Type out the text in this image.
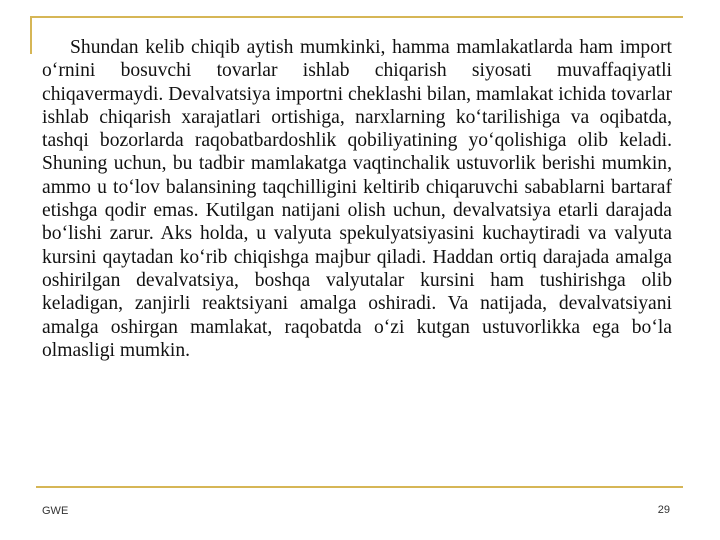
Shundan kelib chiqib aytish mumkinki, hamma mamlakatlarda ham import o‘rnini bosuvchi tovarlar ishlab chiqarish siyosati muvaffaqiyatli chiqavermaydi. Devalvatsiya importni cheklashi bilan, mamlakat ichida tovarlar ishlab chiqarish xarajatlari ortishiga, narxlarning ko‘tarilishiga va oqibatda, tashqi bozorlarda raqobatbardoshlik qobiliyatining yo‘qolishiga olib keladi. Shuning uchun, bu tadbir mamlakatga vaqtinchalik ustuvorlik berishi mumkin, ammo u to‘lov balansining taqchilligini keltirib chiqaruvchi sabablarni bartaraf etishga qodir emas. Kutilgan natijani olish uchun, devalvatsiya etarli darajada bo‘lishi zarur. Aks holda, u valyuta spekulyatsiyasini kuchaytiradi va valyuta kursini qaytadan ko‘rib chiqishga majbur qiladi. Haddan ortiq darajada amalga oshirilgan devalvatsiya, boshqa valyutalar kursini ham tushirishga olib keladigan, zanjirli reaktsiyani amalga oshiradi. Va natijada, devalvatsiyani amalga oshirgan mamlakat, raqobatda o‘zi kutgan ustuvorlikka ega bo‘la olmasligi mumkin.

GWE	29
